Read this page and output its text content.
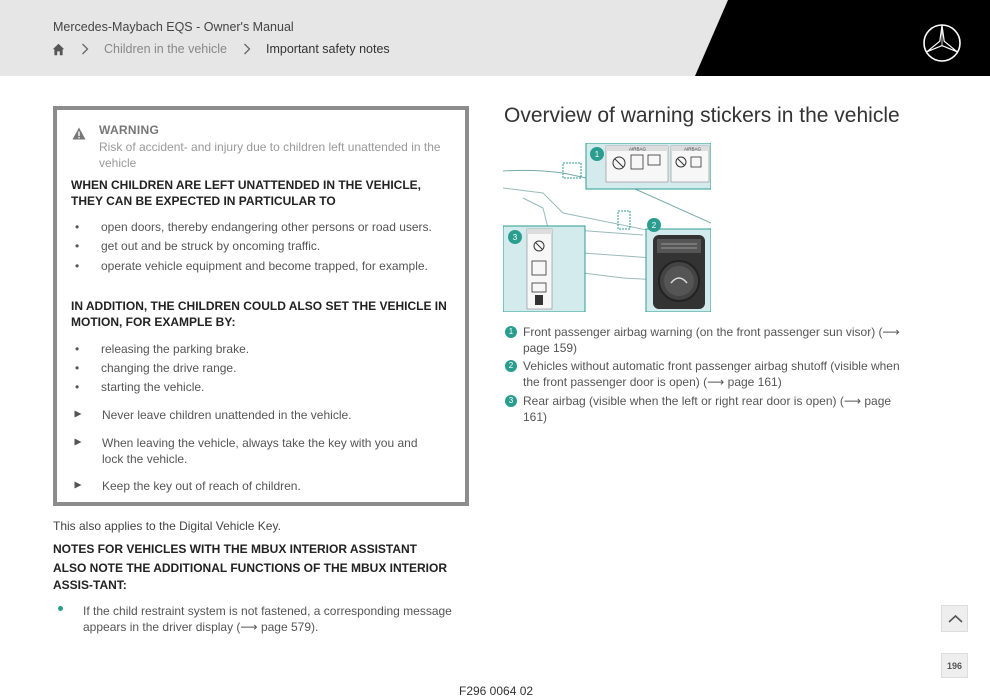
Mercedes-Maybach EQS - Owner's Manual
Children in the vehicle	Important safety notes
WARNING
Risk of accident- and injury due to children left unattended in the vehicle
WHEN CHILDREN ARE LEFT UNATTENDED IN THE VEHICLE, THEY CAN BE EXPECTED IN PARTICULAR TO
• open doors, thereby endangering other persons or road users.
• get out and be struck by oncoming traffic.
• operate vehicle equipment and become trapped, for example.
IN ADDITION, THE CHILDREN COULD ALSO SET THE VEHICLE IN MOTION, FOR EXAMPLE BY:
• releasing the parking brake.
• changing the drive range.
• starting the vehicle.
Never leave children unattended in the vehicle.
When leaving the vehicle, always take the key with you and lock the vehicle.
Keep the key out of reach of children.
This also applies to the Digital Vehicle Key.
NOTES FOR VEHICLES WITH THE MBUX INTERIOR ASSISTANT
ALSO NOTE THE ADDITIONAL FUNCTIONS OF THE MBUX INTERIOR ASSIS-TANT:
If the child restraint system is not fastened, a corresponding message appears in the driver display (⟶ page 579).
Overview of warning stickers in the vehicle
AIRBAG	AIRBAG
1
2
3
1 Front passenger airbag warning (on the front passenger sun visor) (⟶ page 159)
2 Vehicles without automatic front passenger airbag shutoff (visible when the front passenger door is open) (⟶ page 161)
3 Rear airbag (visible when the left or right rear door is open) (⟶ page 161)
196
F296 0064 02
